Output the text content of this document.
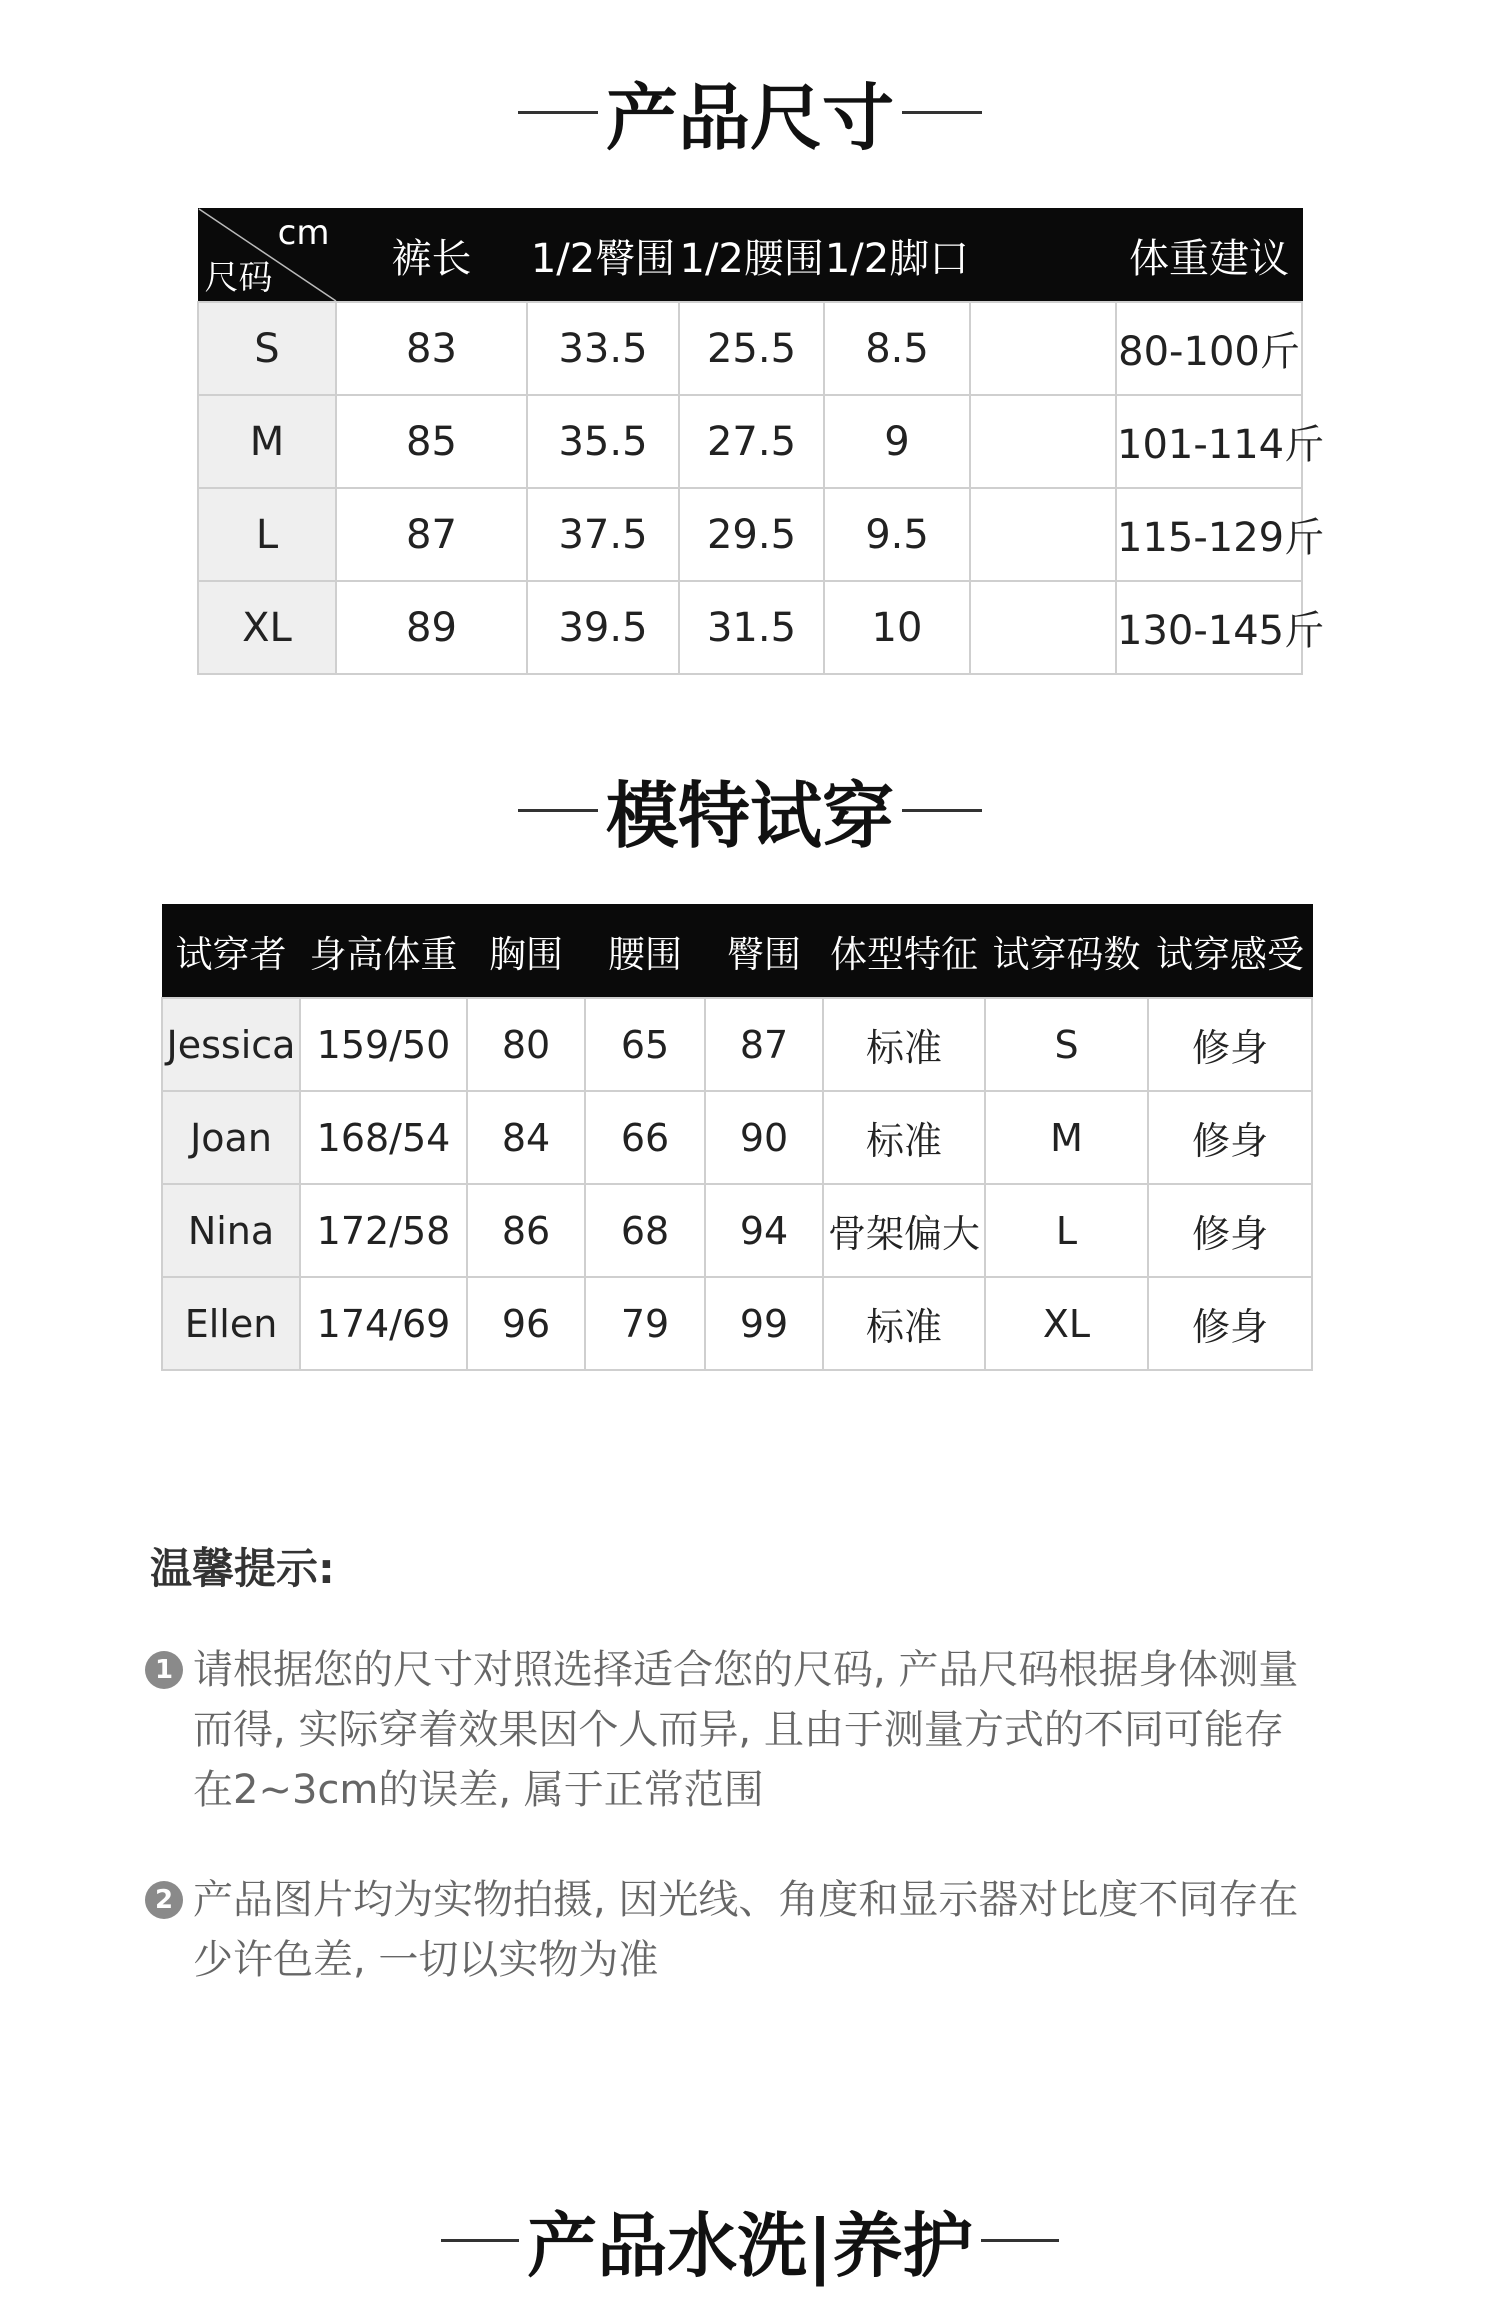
产品尺寸
cm
尺码	裤长	1/2臀围	1/2腰围	1/2脚口		体重建议
S	83	33.5	25.5	8.5		80-100斤
M	85	35.5	27.5	9		101-114斤
L	87	37.5	29.5	9.5		115-129斤
XL	89	39.5	31.5	10		130-145斤
模特试穿
试穿者	身高体重	胸围	腰围	臀围	体型特征	试穿码数	试穿感受
Jessica	159/50	80	65	87	标准	S	修身
Joan	168/54	84	66	90	标准	M	修身
Nina	172/58	86	68	94	骨架偏大	L	修身
Ellen	174/69	96	79	99	标准	XL	修身
温馨提示:
1 请根据您的尺寸对照选择适合您的尺码, 产品尺码根据身体测量而得, 实际穿着效果因个人而异, 且由于测量方式的不同可能存在2~3cm的误差, 属于正常范围
2 产品图片均为实物拍摄, 因光线、角度和显示器对比度不同存在少许色差, 一切以实物为准
产品水洗|养护
